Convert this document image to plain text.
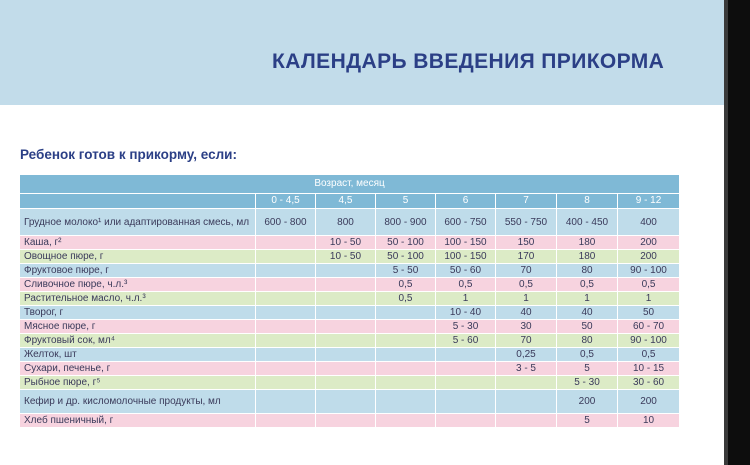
КАЛЕНДАРЬ ВВЕДЕНИЯ ПРИКОРМА
Ребенок готов к прикорму, если:
Возраст, месяц							
	0 - 4,5	4,5	5	6	7	8	9 - 12
Грудное молоко¹ или адаптированная смесь, мл	600 - 800	800	800 - 900	600 - 750	550 - 750	400 - 450	400
Каша, г²		10 - 50	50 - 100	100 - 150	150	180	200
Овощное пюре, г		10 - 50	50 - 100	100 - 150	170	180	200
Фруктовое пюре, г			5 - 50	50 - 60	70	80	90 - 100
Сливочное пюре, ч.л.³			0,5	0,5	0,5	0,5	0,5
Растительное масло, ч.л.³			0,5	1	1	1	1
Творог, г				10 - 40	40	40	50
Мясное пюре, г				5 - 30	30	50	60 - 70
Фруктовый сок, мл⁴				5 - 60	70	80	90 - 100
Желток, шт					0,25	0,5	0,5
Сухари, печенье, г					3 - 5	5	10 - 15
Рыбное пюре, г⁵						5 - 30	30 - 60
Кефир и др. кисломолочные продукты, мл						200	200
Хлеб пшеничный, г						5	10
